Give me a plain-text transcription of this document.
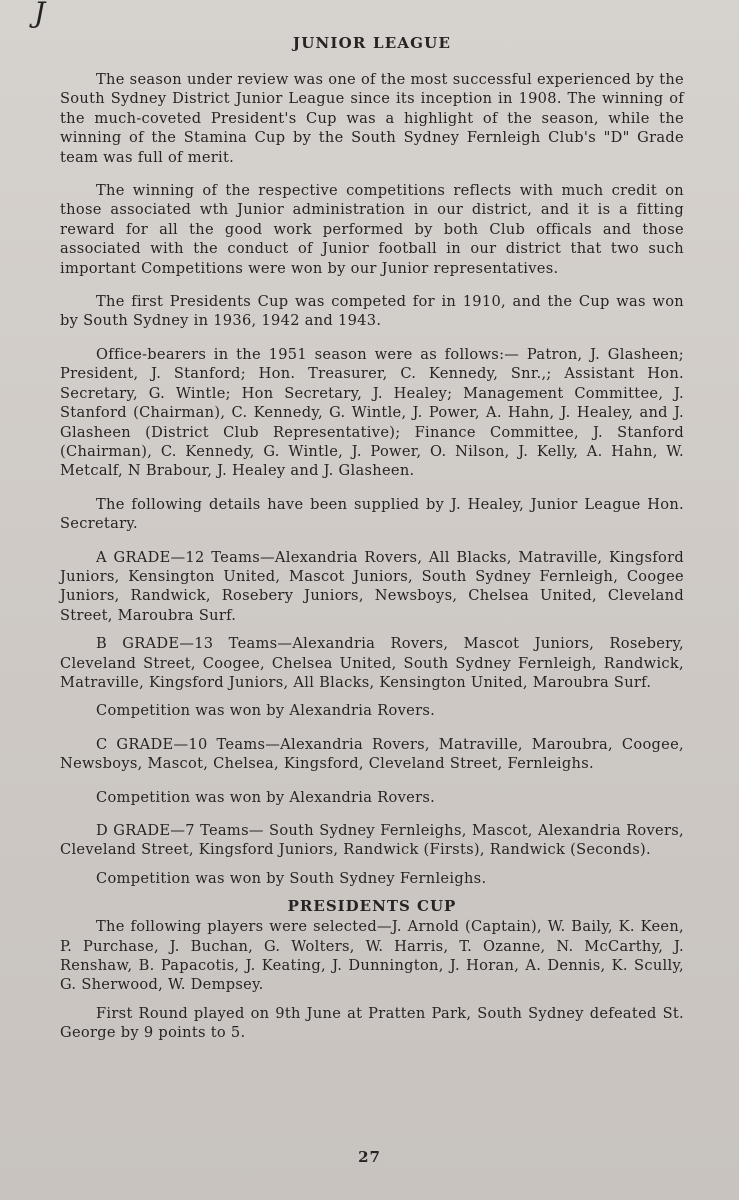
J
JUNIOR LEAGUE

The season under review was one of the most successful experienced by the South Sydney District Junior League since its inception in 1908. The winning of the much-coveted President's Cup was a highlight of the season, while the winning of the Stamina Cup by the South Sydney Fernleigh Club's "D" Grade team was full of merit.

The winning of the respective competitions reflects with much credit on those associated wth Junior administration in our district, and it is a fitting reward for all the good work performed by both Club officals and those associated with the conduct of Junior football in our district that two such important Competitions were won by our Junior representatives.

The first Presidents Cup was competed for in 1910, and the Cup was won by South Sydney in 1936, 1942 and 1943.

Office-bearers in the 1951 season were as follows:— Patron, J. Glasheen; President, J. Stanford; Hon. Treasurer, C. Kennedy, Snr.,; Assistant Hon. Secretary, G. Wintle; Hon Secretary, J. Healey; Management Committee, J. Stanford (Chairman), C. Kennedy, G. Wintle, J. Power, A. Hahn, J. Healey, and J. Glasheen (District Club Representative); Finance Committee, J. Stanford (Chairman), C. Kennedy, G. Wintle, J. Power, O. Nilson, J. Kelly, A. Hahn, W. Metcalf, N Brabour, J. Healey and J. Glasheen.

The following details have been supplied by J. Healey, Junior League Hon. Secretary.

A GRADE—12 Teams—Alexandria Rovers, All Blacks, Matraville, Kingsford Juniors, Kensington United, Mascot Juniors, South Sydney Fernleigh, Coogee Juniors, Randwick, Rosebery Juniors, Newsboys, Chelsea United, Cleveland Street, Maroubra Surf.

B GRADE—13 Teams—Alexandria Rovers, Mascot Juniors, Rosebery, Cleveland Street, Coogee, Chelsea United, South Sydney Fernleigh, Randwick, Matraville, Kingsford Juniors, All Blacks, Kensington United, Maroubra Surf.

Competition was won by Alexandria Rovers.

C GRADE—10 Teams—Alexandria Rovers, Matraville, Maroubra, Coogee, Newsboys, Mascot, Chelsea, Kingsford, Cleveland Street, Fernleighs.

Competition was won by Alexandria Rovers.

D GRADE—7 Teams— South Sydney Fernleighs, Mascot, Alexandria Rovers, Cleveland Street, Kingsford Juniors, Randwick (Firsts), Randwick (Seconds).

Competition was won by South Sydney Fernleighs.

PRESIDENTS CUP

The following players were selected—J. Arnold (Captain), W. Baily, K. Keen, P. Purchase, J. Buchan, G. Wolters, W. Harris, T. Ozanne, N. McCarthy, J. Renshaw, B. Papacotis, J. Keating, J. Dunnington, J. Horan, A. Dennis, K. Scully, G. Sherwood, W. Dempsey.

First Round played on 9th June at Pratten Park, South Sydney defeated St. George by 9 points to 5.

27
